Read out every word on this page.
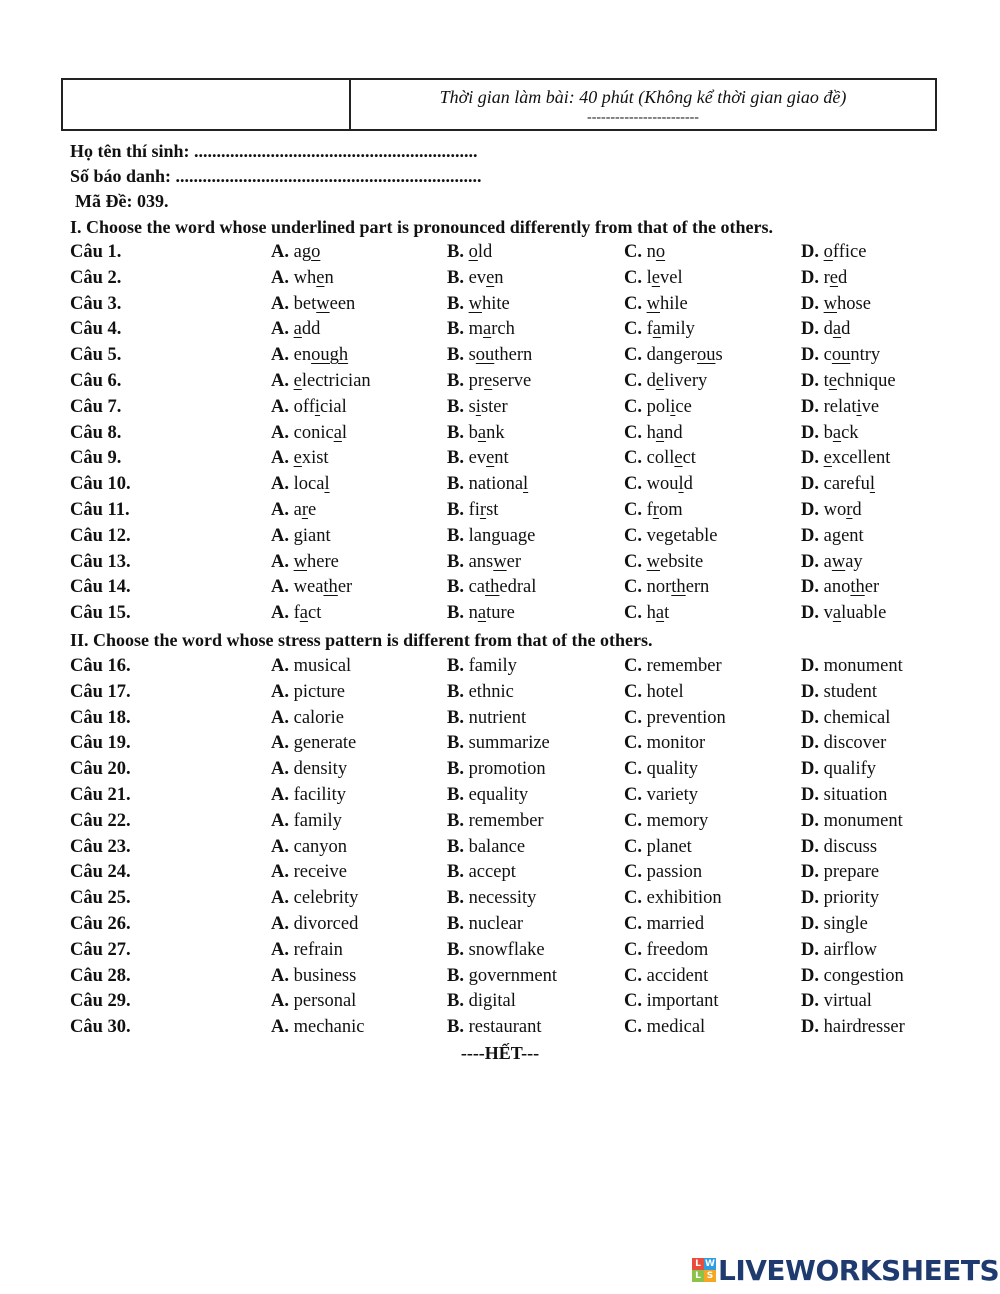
Thời gian làm bài: 40 phút (Không kể thời gian giao đề)
------------------------
Họ tên thí sinh: ...............................................................
Số báo danh: ....................................................................
Mã Đề: 039.
I. Choose the word whose underlined part is pronounced differently from that of the others.
Câu 1.	A. ago	B. old	C. no	D. office
Câu 2.	A. when	B. even	C. level	D. red
Câu 3.	A. between	B. white	C. while	D. whose
Câu 4.	A. add	B. march	C. family	D. dad
Câu 5.	A. enough	B. southern	C. dangerous	D. country
Câu 6.	A. electrician	B. preserve	C. delivery	D. technique
Câu 7.	A. official	B. sister	C. police	D. relative
Câu 8.	A. conical	B. bank	C. hand	D. back
Câu 9.	A. exist	B. event	C. collect	D. excellent
Câu 10.	A. local	B. national	C. would	D. careful
Câu 11.	A. are	B. first	C. from	D. word
Câu 12.	A. giant	B. language	C. vegetable	D. agent
Câu 13.	A. where	B. answer	C. website	D. away
Câu 14.	A. weather	B. cathedral	C. northern	D. another
Câu 15.	A. fact	B. nature	C. hat	D. valuable
II. Choose the word whose stress pattern is different from that of the others.
Câu 16.	A. musical	B. family	C. remember	D. monument
Câu 17.	A. picture	B. ethnic	C. hotel	D. student
Câu 18.	A. calorie	B. nutrient	C. prevention	D. chemical
Câu 19.	A. generate	B. summarize	C. monitor	D. discover
Câu 20.	A. density	B. promotion	C. quality	D. qualify
Câu 21.	A. facility	B. equality	C. variety	D. situation
Câu 22.	A. family	B. remember	C. memory	D. monument
Câu 23.	A. canyon	B. balance	C. planet	D. discuss
Câu 24.	A. receive	B. accept	C. passion	D. prepare
Câu 25.	A. celebrity	B. necessity	C. exhibition	D. priority
Câu 26.	A. divorced	B. nuclear	C. married	D. single
Câu 27.	A. refrain	B. snowflake	C. freedom	D. airflow
Câu 28.	A. business	B. government	C. accident	D. congestion
Câu 29.	A. personal	B. digital	C. important	D. virtual
Câu 30.	A. mechanic	B. restaurant	C. medical	D. hairdresser
----HẾT---
L W
L S LIVEWORKSHEETS
